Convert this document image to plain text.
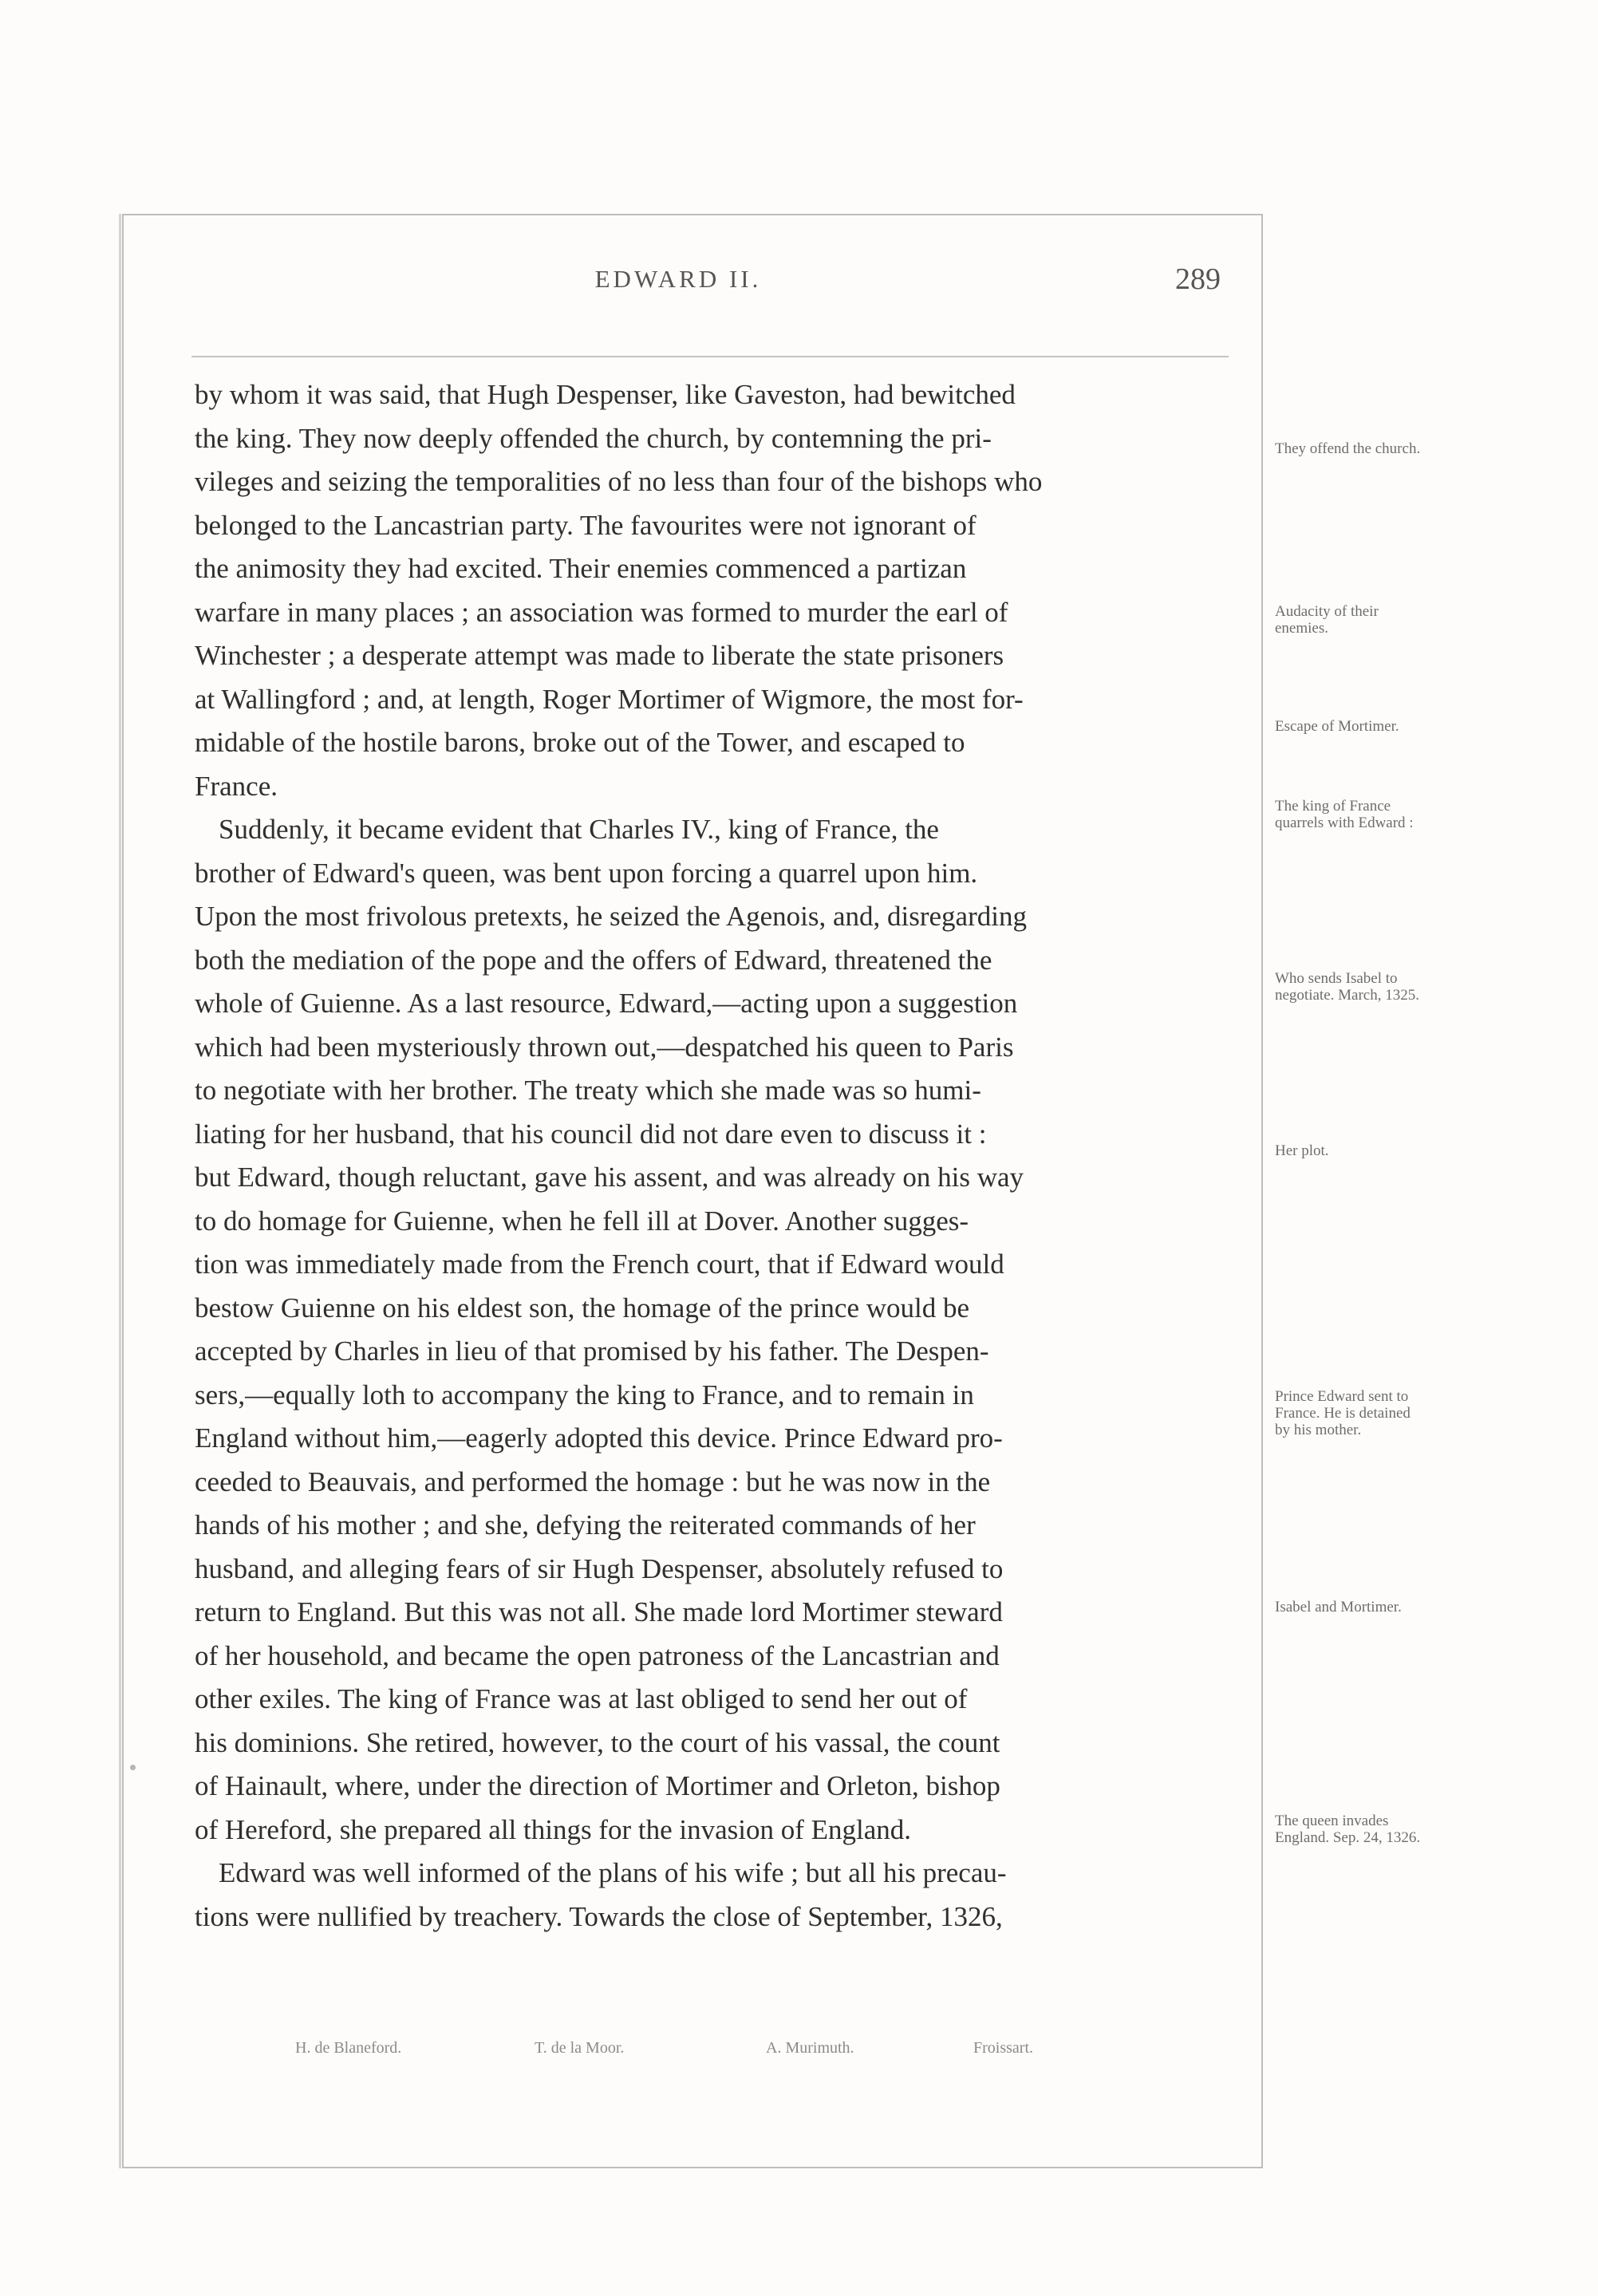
EDWARD II.	289
by whom it was said, that Hugh Despenser, like Gaveston, had bewitched
the king. They now deeply offended the church, by contemning the pri-
vileges and seizing the temporalities of no less than four of the bishops who
belonged to the Lancastrian party. The favourites were not ignorant of
the animosity they had excited. Their enemies commenced a partizan
warfare in many places ; an association was formed to murder the earl of
Winchester ; a desperate attempt was made to liberate the state prisoners
at Wallingford ; and, at length, Roger Mortimer of Wigmore, the most for-
midable of the hostile barons, broke out of the Tower, and escaped to
France.
Suddenly, it became evident that Charles IV., king of France, the
brother of Edward's queen, was bent upon forcing a quarrel upon him.
Upon the most frivolous pretexts, he seized the Agenois, and, disregarding
both the mediation of the pope and the offers of Edward, threatened the
whole of Guienne. As a last resource, Edward,—acting upon a suggestion
which had been mysteriously thrown out,—despatched his queen to Paris
to negotiate with her brother. The treaty which she made was so humi-
liating for her husband, that his council did not dare even to discuss it :
but Edward, though reluctant, gave his assent, and was already on his way
to do homage for Guienne, when he fell ill at Dover. Another sugges-
tion was immediately made from the French court, that if Edward would
bestow Guienne on his eldest son, the homage of the prince would be
accepted by Charles in lieu of that promised by his father. The Despen-
sers,—equally loth to accompany the king to France, and to remain in
England without him,—eagerly adopted this device. Prince Edward pro-
ceeded to Beauvais, and performed the homage : but he was now in the
hands of his mother ; and she, defying the reiterated commands of her
husband, and alleging fears of sir Hugh Despenser, absolutely refused to
return to England. But this was not all. She made lord Mortimer steward
of her household, and became the open patroness of the Lancastrian and
other exiles. The king of France was at last obliged to send her out of
his dominions. She retired, however, to the court of his vassal, the count
of Hainault, where, under the direction of Mortimer and Orleton, bishop
of Hereford, she prepared all things for the invasion of England.
Edward was well informed of the plans of his wife ; but all his precau-
tions were nullified by treachery. Towards the close of September, 1326,
They offend the church.
Audacity of their enemies.
Escape of Mortimer.
The king of France quarrels with Edward :
Who sends Isabel to negotiate. March, 1325.
Her plot.
Prince Edward sent to France. He is detained by his mother.
Isabel and Mortimer.
The queen invades England. Sep. 24, 1326.
H. de Blaneford.	T. de la Moor.	A. Murimuth.	Froissart.
